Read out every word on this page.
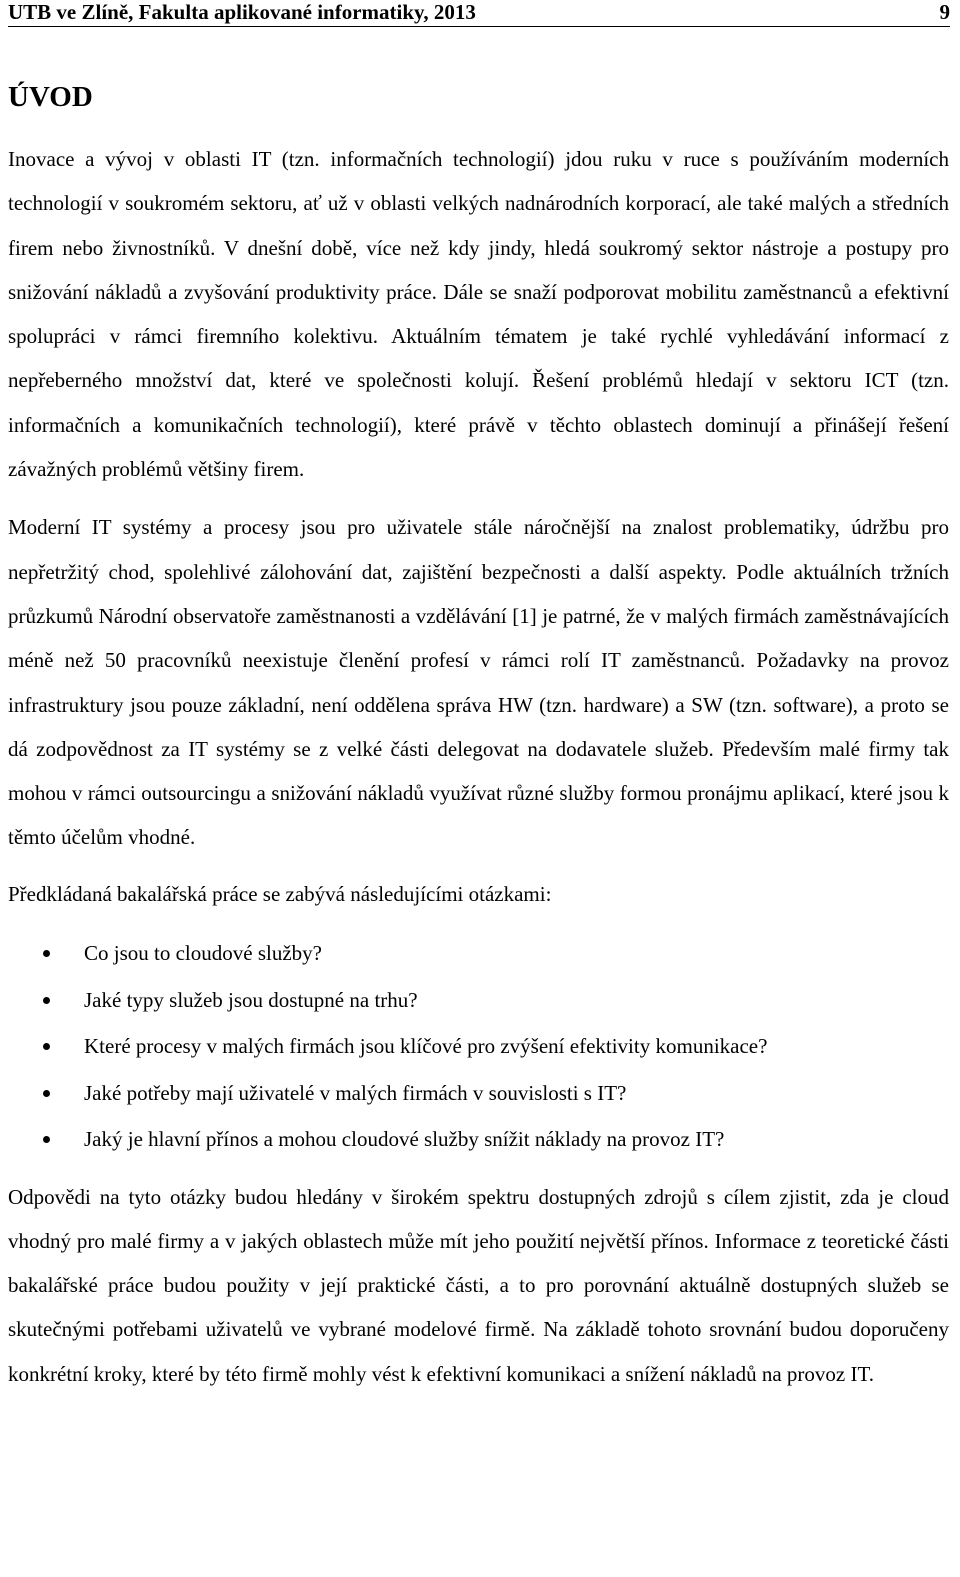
UTB ve Zlíně, Fakulta aplikované informatiky, 2013	9
ÚVOD

Inovace a vývoj v oblasti IT (tzn. informačních technologií) jdou ruku v ruce s používáním moderních technologií v soukromém sektoru, ať už v oblasti velkých nadnárodních korporací, ale také malých a středních firem nebo živnostníků. V dnešní době, více než kdy jindy, hledá soukromý sektor nástroje a postupy pro snižování nákladů a zvyšování produktivity práce. Dále se snaží podporovat mobilitu zaměstnanců a efektivní spolupráci v rámci firemního kolektivu. Aktuálním tématem je také rychlé vyhledávání informací z nepřeberného množství dat, které ve společnosti kolují. Řešení problémů hledají v sektoru ICT (tzn. informačních a komunikačních technologií), které právě v těchto oblastech dominují a přinášejí řešení závažných problémů většiny firem.

Moderní IT systémy a procesy jsou pro uživatele stále náročnější na znalost problematiky, údržbu pro nepřetržitý chod, spolehlivé zálohování dat, zajištění bezpečnosti a další aspekty. Podle aktuálních tržních průzkumů Národní observatoře zaměstnanosti a vzdělávání [1] je patrné, že v malých firmách zaměstnávajících méně než 50 pracovníků neexistuje členění profesí v rámci rolí IT zaměstnanců. Požadavky na provoz infrastruktury jsou pouze základní, není oddělena správa HW (tzn. hardware) a SW (tzn. software), a proto se dá zodpovědnost za IT systémy se z velké části delegovat na dodavatele služeb. Především malé firmy tak mohou v rámci outsourcingu a snižování nákladů využívat různé služby formou pronájmu aplikací, které jsou k těmto účelům vhodné.

Předkládaná bakalářská práce se zabývá následujícími otázkami:

Co jsou to cloudové služby?
Jaké typy služeb jsou dostupné na trhu?
Které procesy v malých firmách jsou klíčové pro zvýšení efektivity komunikace?
Jaké potřeby mají uživatelé v malých firmách v souvislosti s IT?
Jaký je hlavní přínos a mohou cloudové služby snížit náklady na provoz IT?

Odpovědi na tyto otázky budou hledány v širokém spektru dostupných zdrojů s cílem zjistit, zda je cloud vhodný pro malé firmy a v jakých oblastech může mít jeho použití největší přínos. Informace z teoretické části bakalářské práce budou použity v její praktické části, a to pro porovnání aktuálně dostupných služeb se skutečnými potřebami uživatelů ve vybrané modelové firmě. Na základě tohoto srovnání budou doporučeny konkrétní kroky, které by této firmě mohly vést k efektivní komunikaci a snížení nákladů na provoz IT.
